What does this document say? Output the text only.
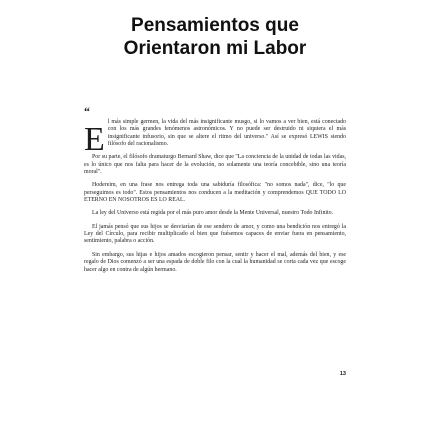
Pensamientos que
Orientaron mi Labor
“
El más simple germen, la vida del más insignificante musgo, si lo vamos a ver bien, está conectado con los más grandes fenómenos astronómicos. Y no puede ser destruido ni siquiera el más insignificante infusorio, sin que se altere el ritmo del universo." Así se expresó LEWIS siendo filósofo del racionalismo.

Por su parte, el filósofo dramaturgo Bernard Shaw, dice que "La conciencia de la unidad de todas las vidas, es lo único que nos falta para hacer de la evolución, no solamente una teoría concebible, sino una teoría moral".

Hodereim, en una frase nos entrega toda una sabiduría filosófica: "no somos nada", dice, "lo que perseguimos es todo". Estos pensamientos nos conducen a la meditación y comprendemos QUE TODO LO ETERNO EN NOSOTROS ES LO REAL.

La ley del Universo está regida por el más puro amor desde la Mente Universal, nuestro Todo Infinito.

El jamás pensó que sus hijos se desviarían de ese sendero de amor, y como una bendición nos entregó la Ley del Círculo, para recibir multiplicado el bien que fuésemos capaces de enviar fuera en pensamiento, sentimiento, palabra o acción.

Sin embargo, sus hijas e hijos amados escogieron pensar, sentir y hacer el mal, además del bien, y ese regalo de Dios comenzó a ser una espada de doble filo con la cual la humanidad se corta cada vez que escoge hacer algo en contra de algún hermano.

13
